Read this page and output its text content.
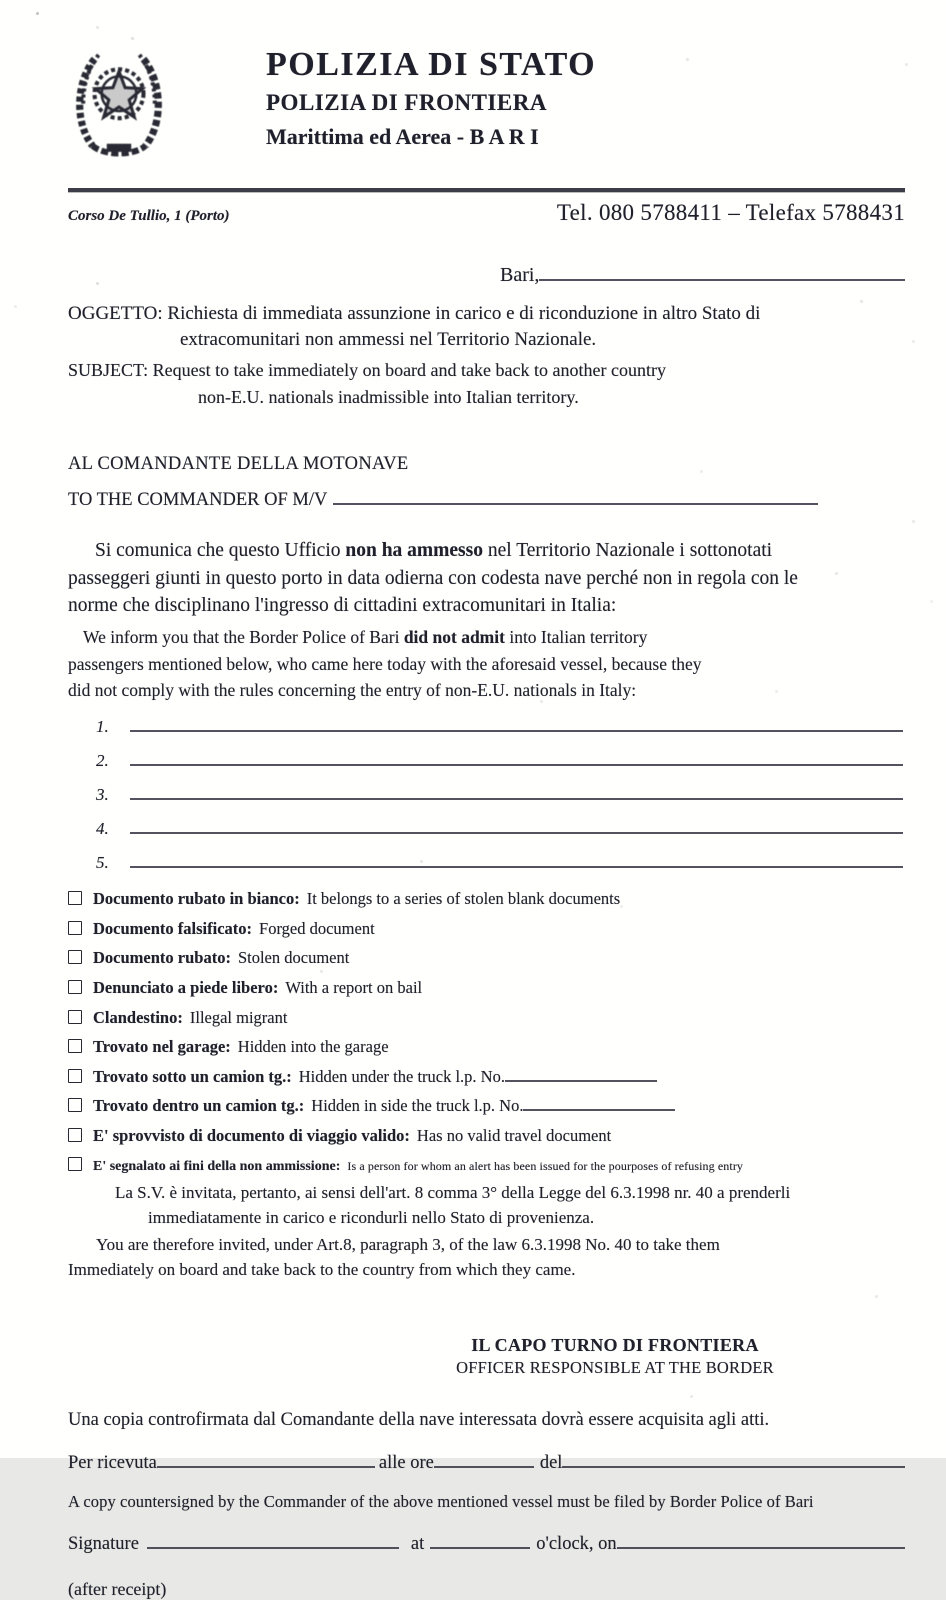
POLIZIA DI STATO
POLIZIA DI FRONTIERA
Marittima ed Aerea - B A R I
Corso De Tullio, 1 (Porto)	Tel. 080 5788411 – Telefax 5788431
Bari,
OGGETTO: Richiesta di immediata assunzione in carico e di riconduzione in altro Stato di
extracomunitari non ammessi nel Territorio Nazionale.
SUBJECT: Request to take immediately on board and take back to another country
non-E.U. nationals inadmissible into Italian territory.
AL COMANDANTE DELLA MOTONAVE
TO THE COMMANDER OF M/V
Si comunica che questo Ufficio non ha ammesso nel Territorio Nazionale i sottonotati
passeggeri giunti in questo porto in data odierna con codesta nave perché non in regola con le
norme che disciplinano l'ingresso di cittadini extracomunitari in Italia:
We inform you that the Border Police of Bari did not admit into Italian territory
passengers mentioned below, who came here today with the aforesaid vessel, because they
did not comply with the rules concerning the entry of non-E.U. nationals in Italy:
1.
2.
3.
4.
5.
Documento rubato in bianco: It belongs to a series of stolen blank documents
Documento falsificato: Forged document
Documento rubato: Stolen document
Denunciato a piede libero: With a report on bail
Clandestino: Illegal migrant
Trovato nel garage: Hidden into the garage
Trovato sotto un camion tg.: Hidden under the truck l.p. No.
Trovato dentro un camion tg.: Hidden in side the truck l.p. No.
E' sprovvisto di documento di viaggio valido: Has no valid travel document
E' segnalato ai fini della non ammissione: Is a person for whom an alert has been issued for the pourposes of refusing entry
La S.V. è invitata, pertanto, ai sensi dell'art. 8 comma 3° della Legge del 6.3.1998 nr. 40 a prenderli
immediatamente in carico e ricondurli nello Stato di provenienza.
You are therefore invited, under Art.8, paragraph 3, of the law 6.3.1998 No. 40 to take them
Immediately on board and take back to the country from which they came.
IL CAPO TURNO DI FRONTIERA
OFFICER RESPONSIBLE AT THE BORDER
Una copia controfirmata dal Comandante della nave interessata dovrà essere acquisita agli atti.
Per ricevuta	alle ore	del
A copy countersigned by the Commander of the above mentioned vessel must be filed by Border Police of Bari
Signature	at	o'clock, on
(after receipt)
